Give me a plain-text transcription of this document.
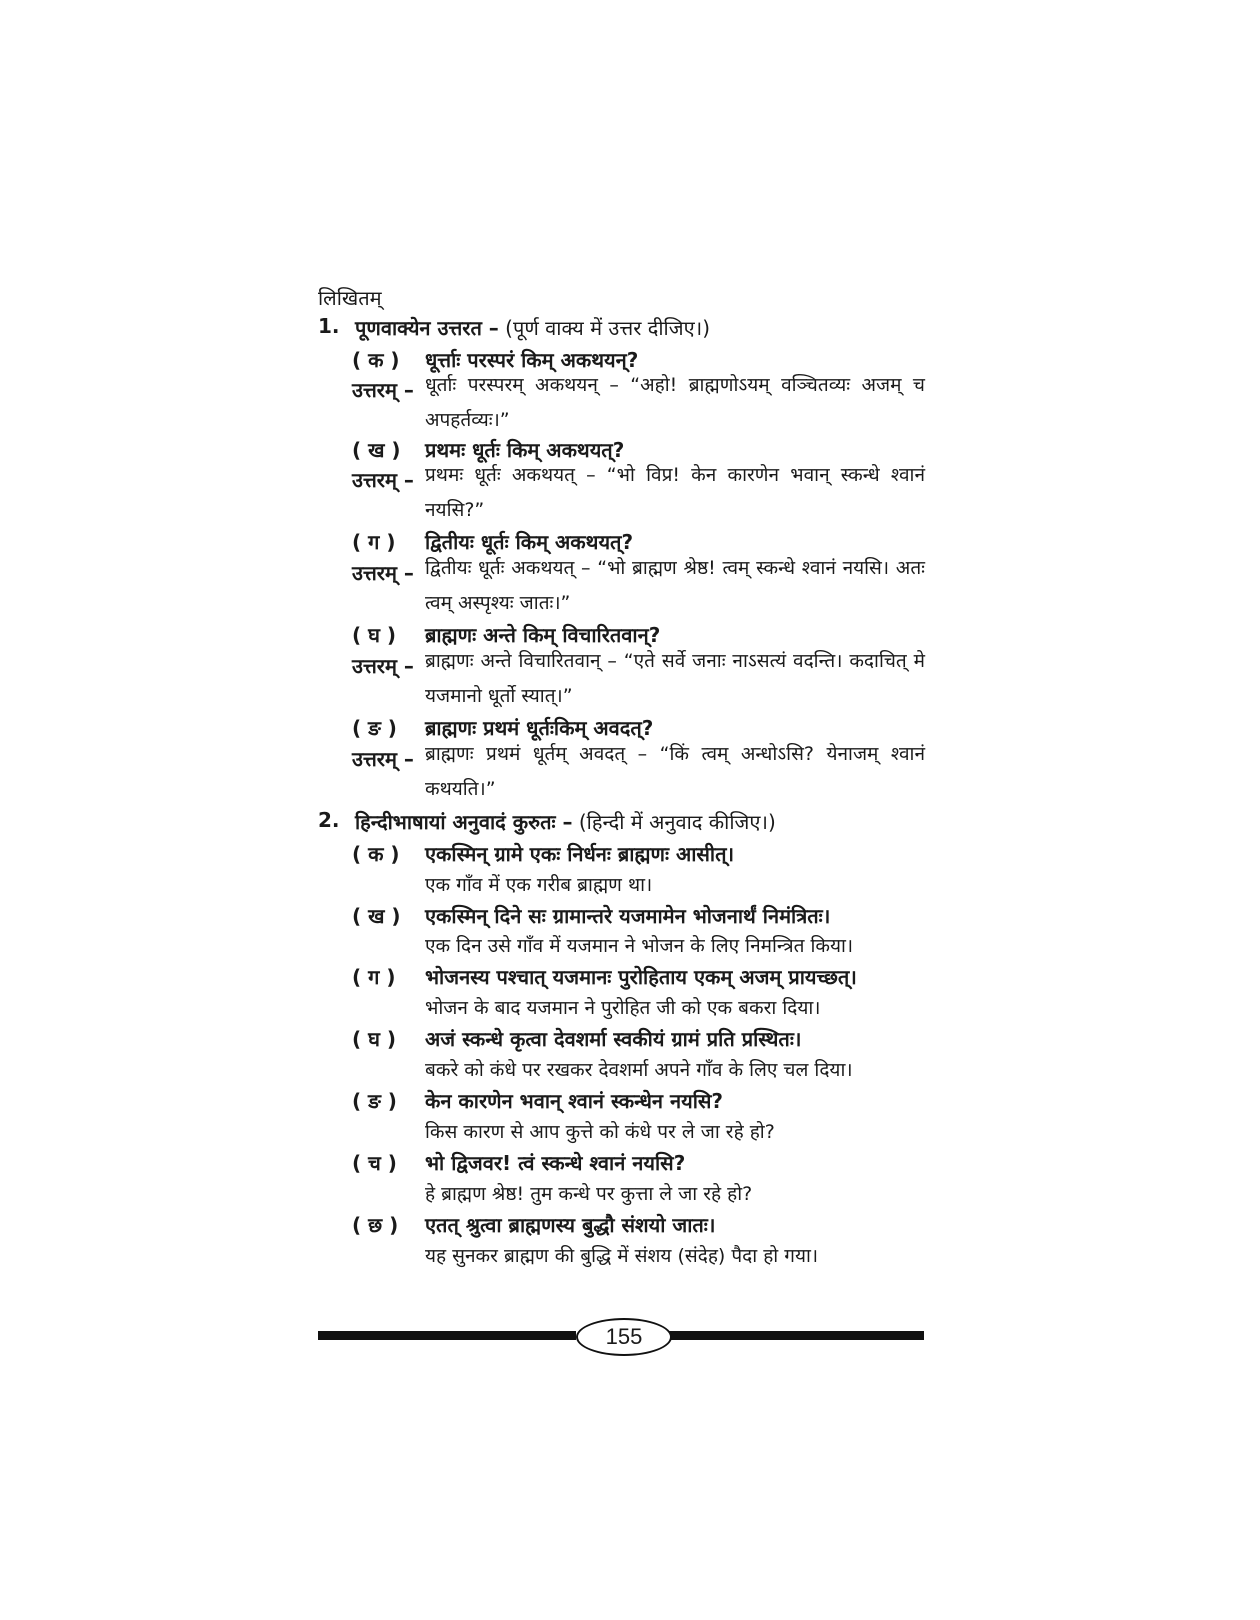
लिखितम्
1. पूणवाक्येन उत्तरत – (पूर्ण वाक्य में उत्तर दीजिए।)
( क ) धूर्त्ताः परस्परं किम् अकथयन्?
उत्तरम् – धूर्ताः परस्परम् अकथयन् – “अहो! ब्राह्मणोऽयम् वञ्चितव्यः अजम् च अपहर्तव्यः।”
( ख ) प्रथमः धूर्तः किम् अकथयत्?
उत्तरम् – प्रथमः धूर्तः अकथयत् – “भो विप्र! केन कारणेन भवान् स्कन्धे श्वानं नयसि?”
( ग ) द्वितीयः धूर्तः किम् अकथयत्?
उत्तरम् – द्वितीयः धूर्तः अकथयत् – “भो ब्राह्मण श्रेष्ठ! त्वम् स्कन्धे श्वानं नयसि। अतः त्वम् अस्पृश्यः जातः।”
( घ ) ब्राह्मणः अन्ते किम् विचारितवान्?
उत्तरम् – ब्राह्मणः अन्ते विचारितवान् – “एते सर्वे जनाः नाऽसत्यं वदन्ति। कदाचित् मे यजमानो धूर्तो स्यात्।”
( ङ ) ब्राह्मणः प्रथमं धूर्तःकिम् अवदत्?
उत्तरम् – ब्राह्मणः प्रथमं धूर्तम् अवदत् – “किं त्वम् अन्धोऽसि? येनाजम् श्वानं कथयति।”
2. हिन्दीभाषायां अनुवादं कुरुतः – (हिन्दी में अनुवाद कीजिए।)
( क ) एकस्मिन् ग्रामे एकः निर्धनः ब्राह्मणः आसीत्।
एक गाँव में एक गरीब ब्राह्मण था।
( ख ) एकस्मिन् दिने सः ग्रामान्तरे यजमामेन भोजनार्थं निमंत्रितः।
एक दिन उसे गाँव में यजमान ने भोजन के लिए निमन्त्रित किया।
( ग ) भोजनस्य पश्चात् यजमानः पुरोहिताय एकम् अजम् प्रायच्छत्।
भोजन के बाद यजमान ने पुरोहित जी को एक बकरा दिया।
( घ ) अजं स्कन्धे कृत्वा देवशर्मा स्वकीयं ग्रामं प्रति प्रस्थितः।
बकरे को कंधे पर रखकर देवशर्मा अपने गाँव के लिए चल दिया।
( ङ ) केन कारणेन भवान् श्वानं स्कन्धेन नयसि?
किस कारण से आप कुत्ते को कंधे पर ले जा रहे हो?
( च ) भो द्विजवर! त्वं स्कन्धे श्वानं नयसि?
हे ब्राह्मण श्रेष्ठ! तुम कन्धे पर कुत्ता ले जा रहे हो?
( छ ) एतत् श्रुत्वा ब्राह्मणस्य बुद्धौ संशयो जातः।
यह सुनकर ब्राह्मण की बुद्धि में संशय (संदेह) पैदा हो गया।
155
